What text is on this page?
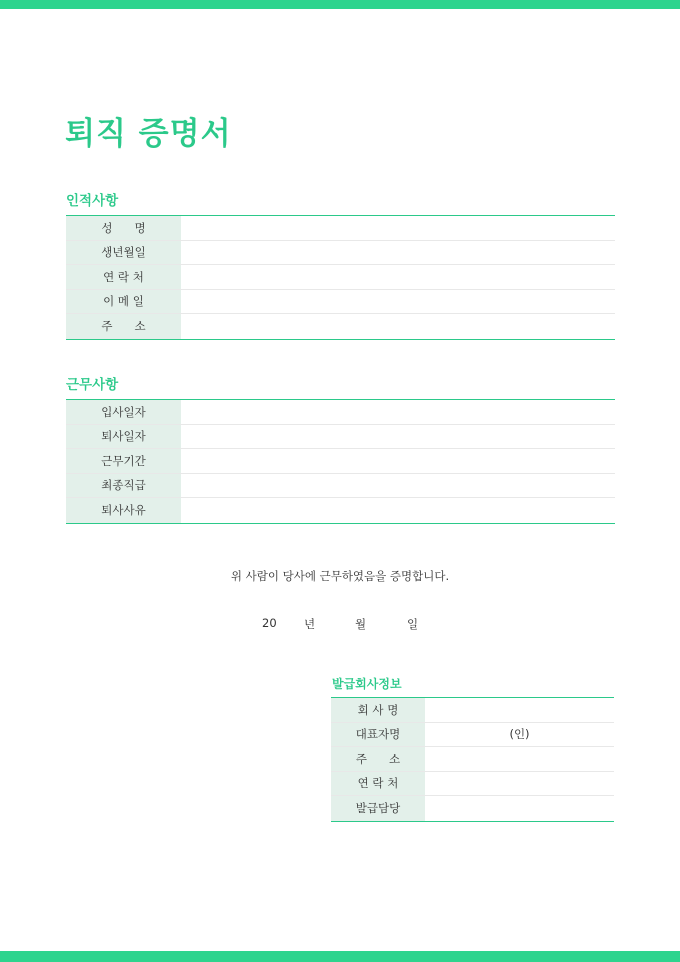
퇴직 증명서
인적사항
성      명
생년월일
연 락 처
이 메 일
주      소
근무사항
입사일자
퇴사일자
근무기간
최종직급
퇴사사유
위 사람이 당사에 근무하였음을 증명합니다.
20 년	월	일
발급회사정보
회 사 명
대표자명	(인)
주      소
연 락 처
발급담당
